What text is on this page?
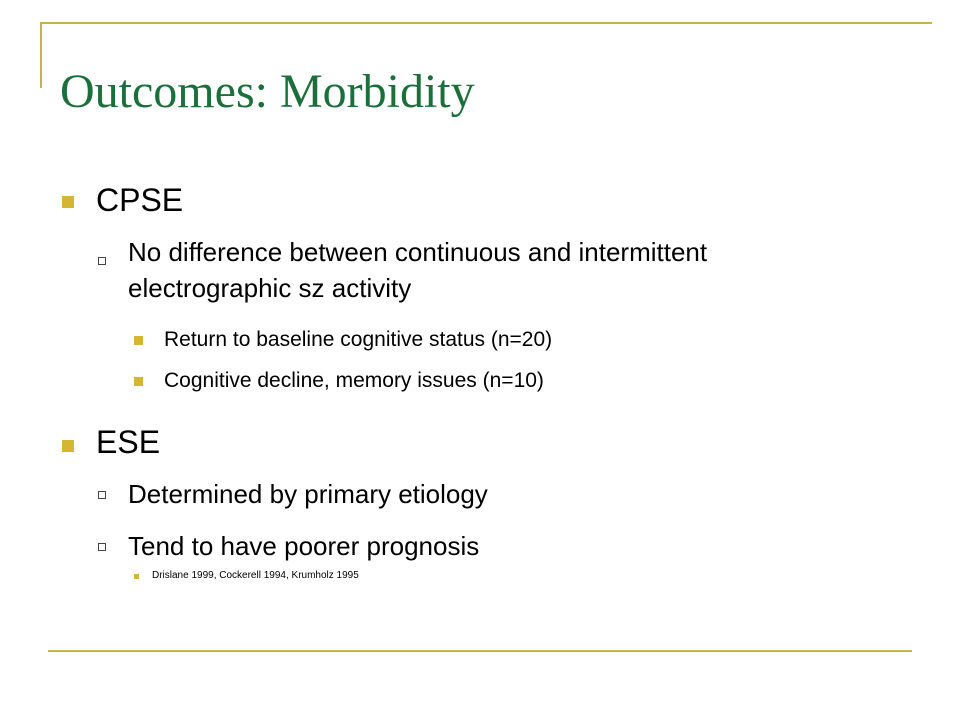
Outcomes: Morbidity
CPSE
No difference between continuous and intermittent
electrographic sz activity
Return to baseline cognitive status (n=20)
Cognitive decline, memory issues (n=10)
ESE
Determined by primary etiology
Tend to have poorer prognosis
Drislane 1999, Cockerell 1994, Krumholz 1995
